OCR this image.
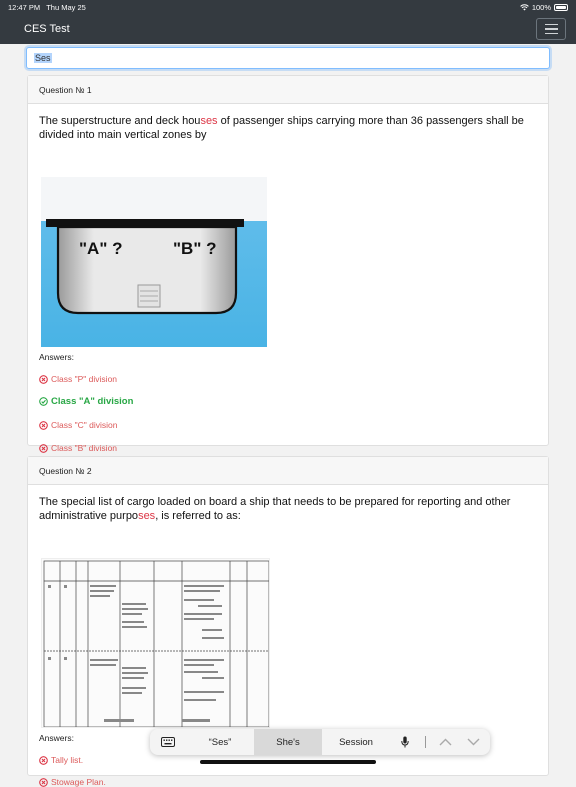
12:47 PM Thu May 25	100%
CES Test
Ses
Question № 1

The superstructure and deck houses of passenger ships carrying more than 36 passengers shall be divided into main vertical zones by

"A" ?	"B" ?
Answers:
Class "P" division
Class "A" division
Class "C" division
Class "B" division
Question № 2

The special list of cargo loaded on board a ship that needs to be prepared for reporting and other administrative purposes, is referred to as:

Answers:
Tally list.
Stowage Plan.
“Ses”	She's	Session
